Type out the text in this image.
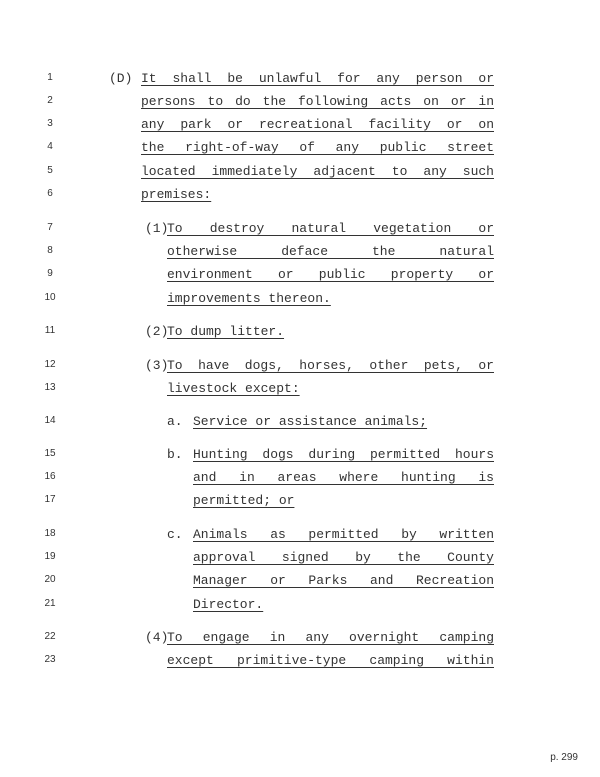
p. 299
1	(D) It shall be unlawful for any person or
2	persons to do the following acts on or in
3	any park or recreational facility or on
4	the right-of-way of any public street
5	located immediately adjacent to any such
6	premises:
7	(1)
To destroy natural vegetation or
8	otherwise deface the natural
9	environment or public property or
10	improvements thereon.
11	(2)
To dump litter.
12	(3)
To have dogs, horses, other pets, or
13	livestock except:
14	a. Service or assistance animals;
15	b. Hunting dogs during permitted hours
16	and in areas where hunting is
17	permitted; or
18	c. Animals as permitted by written
19	approval signed by the County
20	Manager or Parks and Recreation
21	Director.
22	(4)
To engage in any overnight camping
23	except primitive-type camping within
